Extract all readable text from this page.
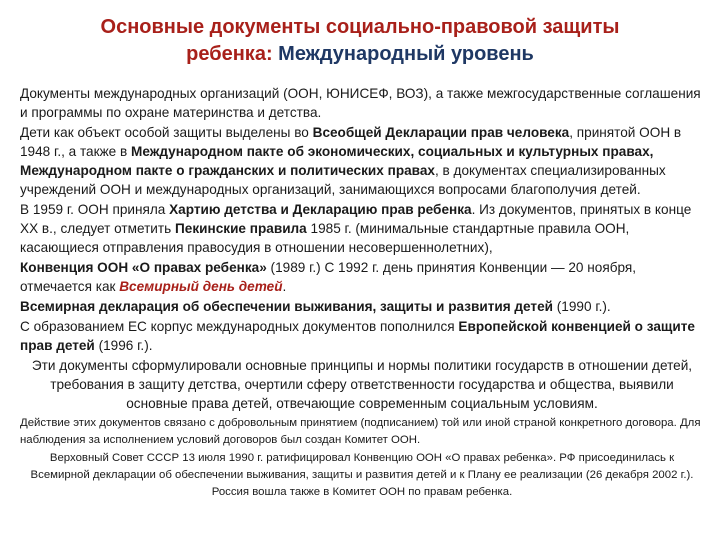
Основные документы социально-правовой защиты
ребенка: Международный уровень

Документы международных организаций (ООН, ЮНИСЕФ, ВОЗ), а также межгосударственные соглашения и программы по охране материнства и детства.

Дети как объект особой защиты выделены во Всеобщей Декларации прав человека, принятой ООН в 1948 г., а также в Международном пакте об экономических, социальных и культурных правах, Международном пакте о гражданских и политических правах, в документах специализированных учреждений ООН и международных организаций, занимающихся вопросами благополучия детей.

В 1959 г. ООН приняла Хартию детства и Декларацию прав ребенка. Из документов, принятых в конце XX в., следует отметить Пекинские правила 1985 г. (минимальные стандартные правила ООН, касающиеся отправления правосудия в отношении несовершеннолетних),

Конвенция ООН «О правах ребенка» (1989 г.) С 1992 г. день принятия Конвенции — 20 ноября, отмечается как Всемирный день детей.

Всемирная декларация об обеспечении выживания, защиты и развития детей (1990 г.).

С образованием ЕС корпус международных документов пополнился Европейской конвенцией о защите прав детей (1996 г.).

Эти документы сформулировали основные принципы и нормы политики государств в отношении детей, требования в защиту детства, очертили сферу ответственности государства и общества, выявили основные права детей, отвечающие современным социальным условиям.

Действие этих документов связано с добровольным принятием (подписанием) той или иной страной конкретного договора. Для наблюдения за исполнением условий договоров был создан Комитет ООН.

Верховный Совет СССР 13 июля 1990 г. ратифицировал Конвенцию ООН «О правах ребенка». РФ присоединилась к Всемирной декларации об обеспечении выживания, защиты и развития детей и к Плану ее реализации (26 декабря 2002 г.). Россия вошла также в Комитет ООН по правам ребенка.
